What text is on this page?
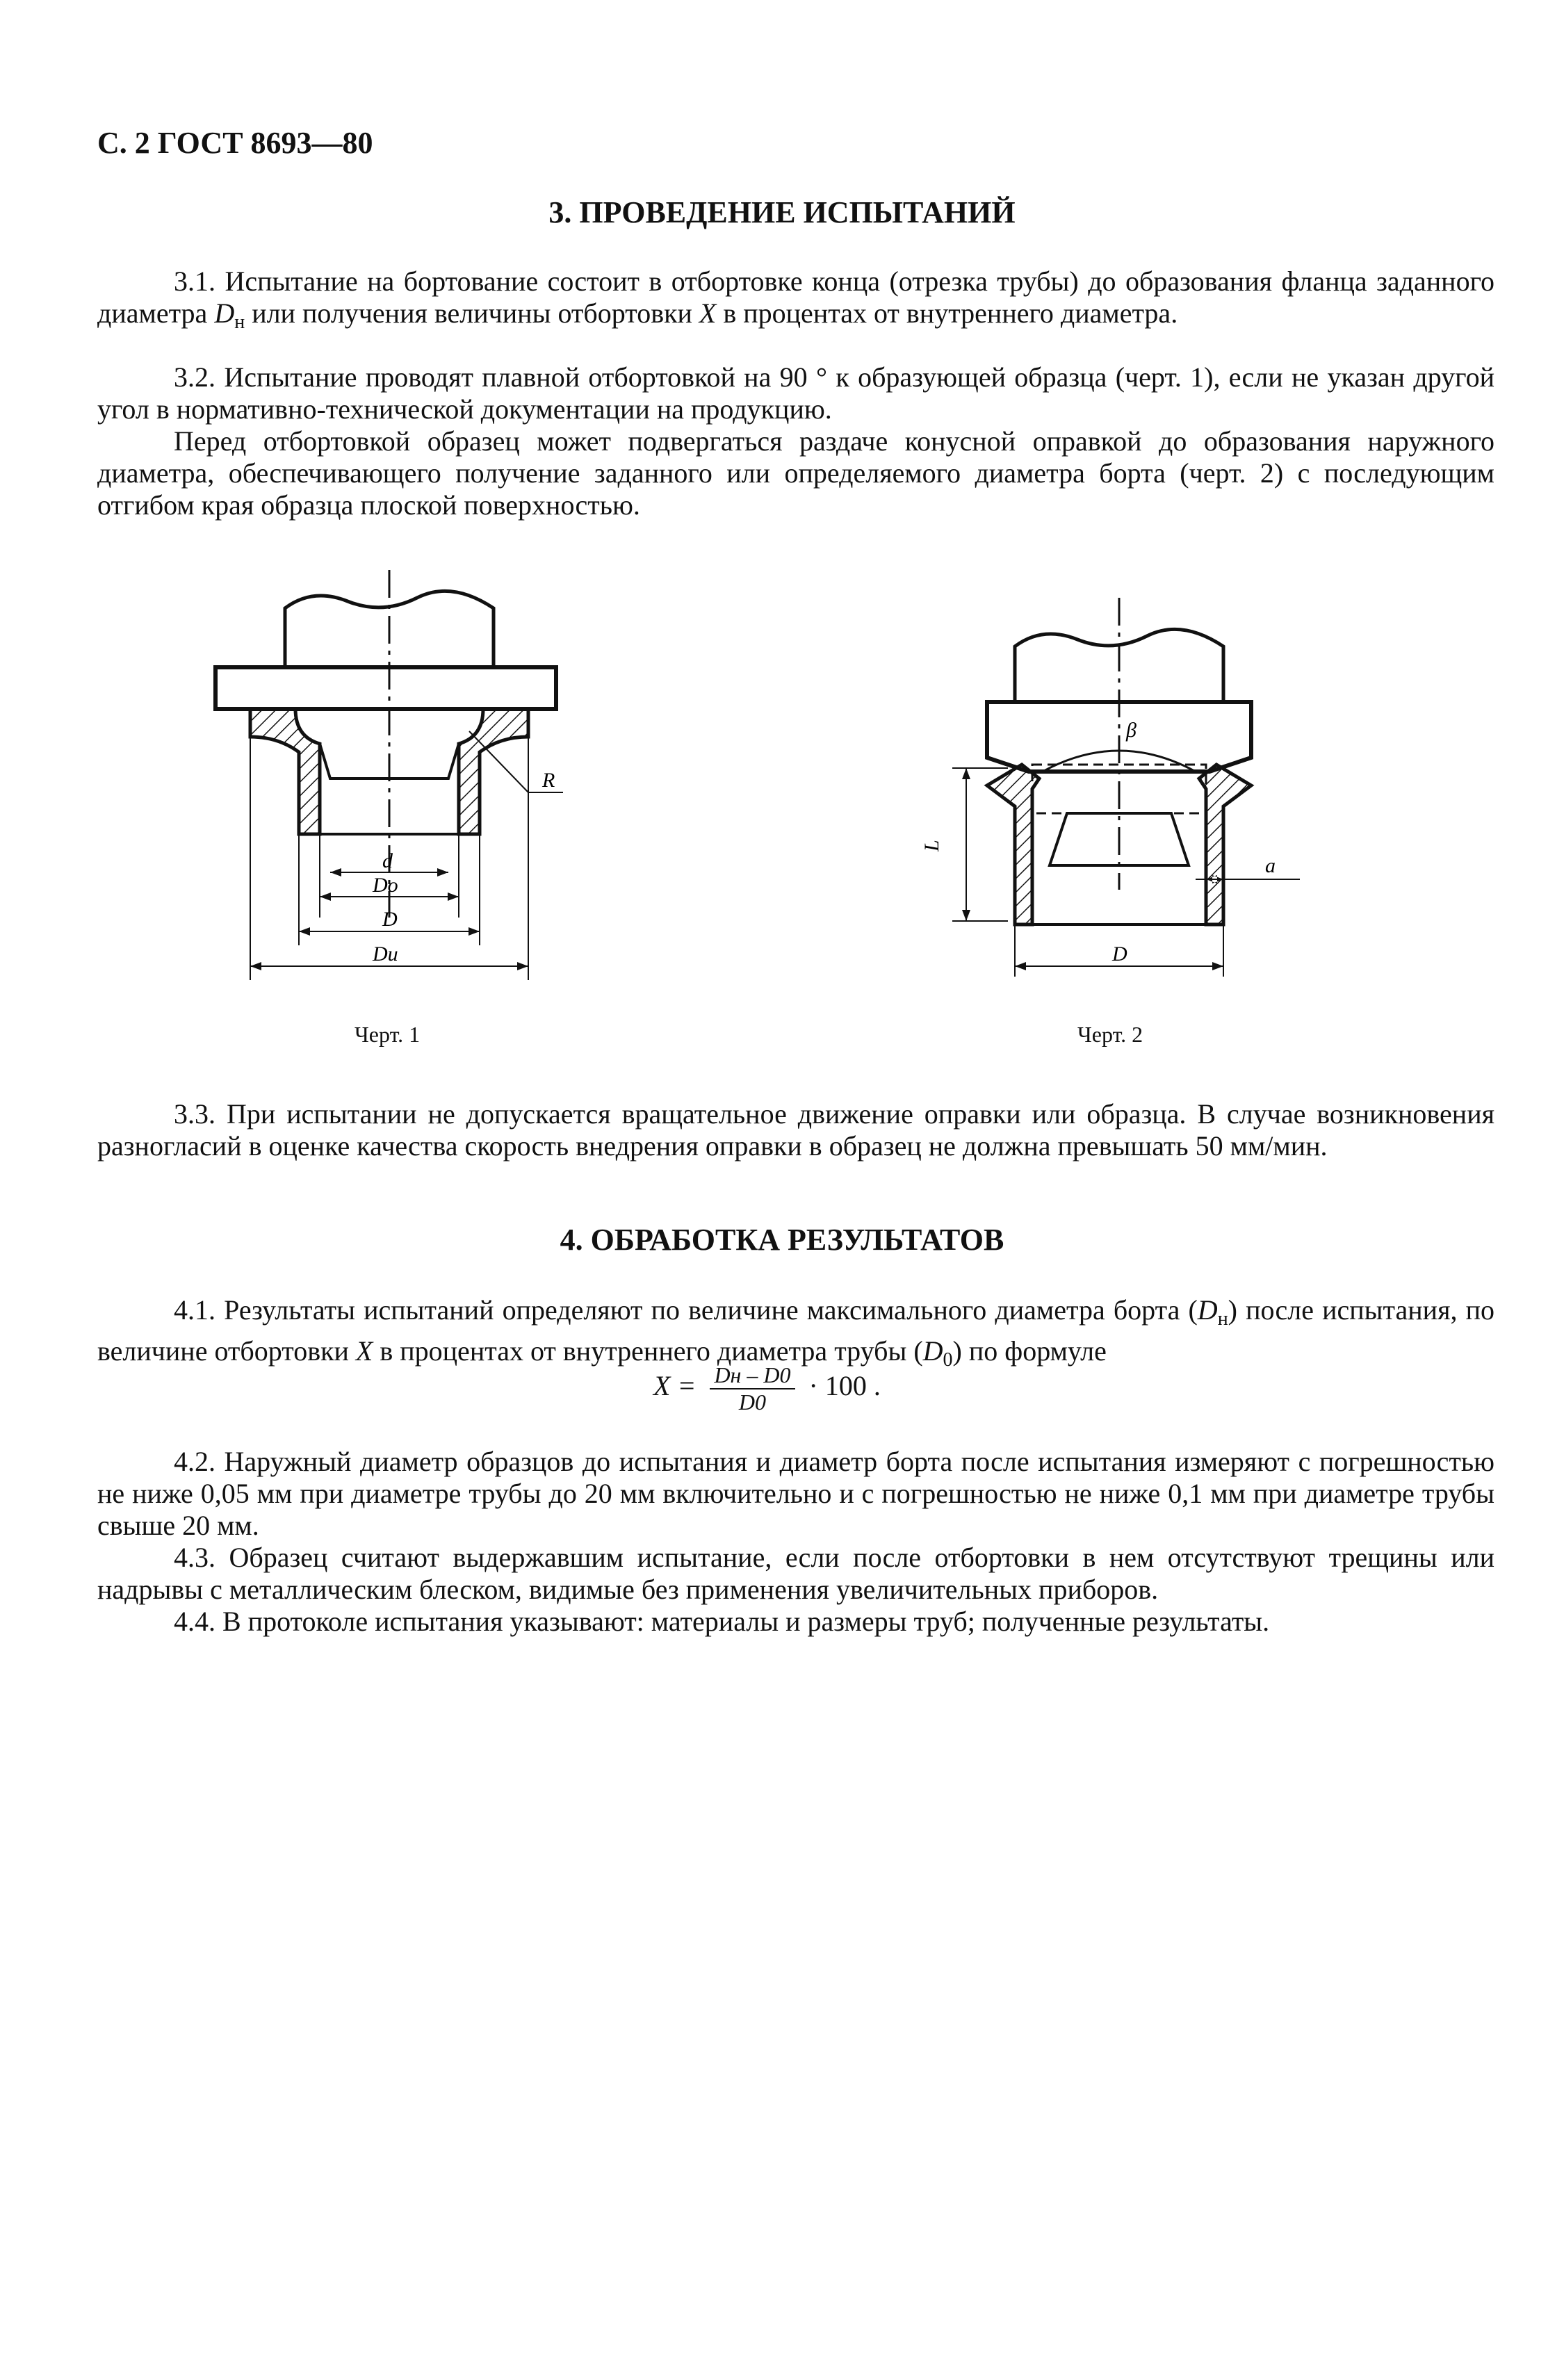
С. 2 ГОСТ 8693—80
3. ПРОВЕДЕНИЕ ИСПЫТАНИЙ
3.1. Испытание на бортование состоит в отбортовке конца (отрезка трубы) до образования фланца заданного диаметра $D_н$ или получения величины отбортовки X в процентах от внутреннего диаметра.
3.2. Испытание проводят плавной отбортовкой на 90 ° к образующей образца (черт. 1), если не указан другой угол в нормативно-технической документации на продукцию.
Перед отбортовкой образец может подвергаться раздаче конусной оправкой до образования наружного диаметра, обеспечивающего получение заданного или определяемого диаметра борта (черт. 2) с последующим отгибом края образца плоской поверхностью.
R
d
Do
D
Dи
β
L
a
D
Черт. 1	Черт. 2
3.3. При испытании не допускается вращательное движение оправки или образца. В случае возникновения разногласий в оценке качества скорость внедрения оправки в образец не должна превышать 50 мм/мин.
4. ОБРАБОТКА РЕЗУЛЬТАТОВ
4.1. Результаты испытаний определяют по величине максимального диаметра борта $(D_н)$ после испытания, по величине отбортовки X в процентах от внутреннего диаметра трубы $(D_0)$ по формуле
$X = \frac{Dн - D0}{D0} \cdot 100$ .
4.2. Наружный диаметр образцов до испытания и диаметр борта после испытания измеряют с погрешностью не ниже 0,05 мм при диаметре трубы до 20 мм включительно и с погрешностью не ниже 0,1 мм при диаметре трубы свыше 20 мм.
4.3. Образец считают выдержавшим испытание, если после отбортовки в нем отсутствуют трещины или надрывы с металлическим блеском, видимые без применения увеличительных приборов.
4.4. В протоколе испытания указывают: материалы и размеры труб; полученные результаты.
